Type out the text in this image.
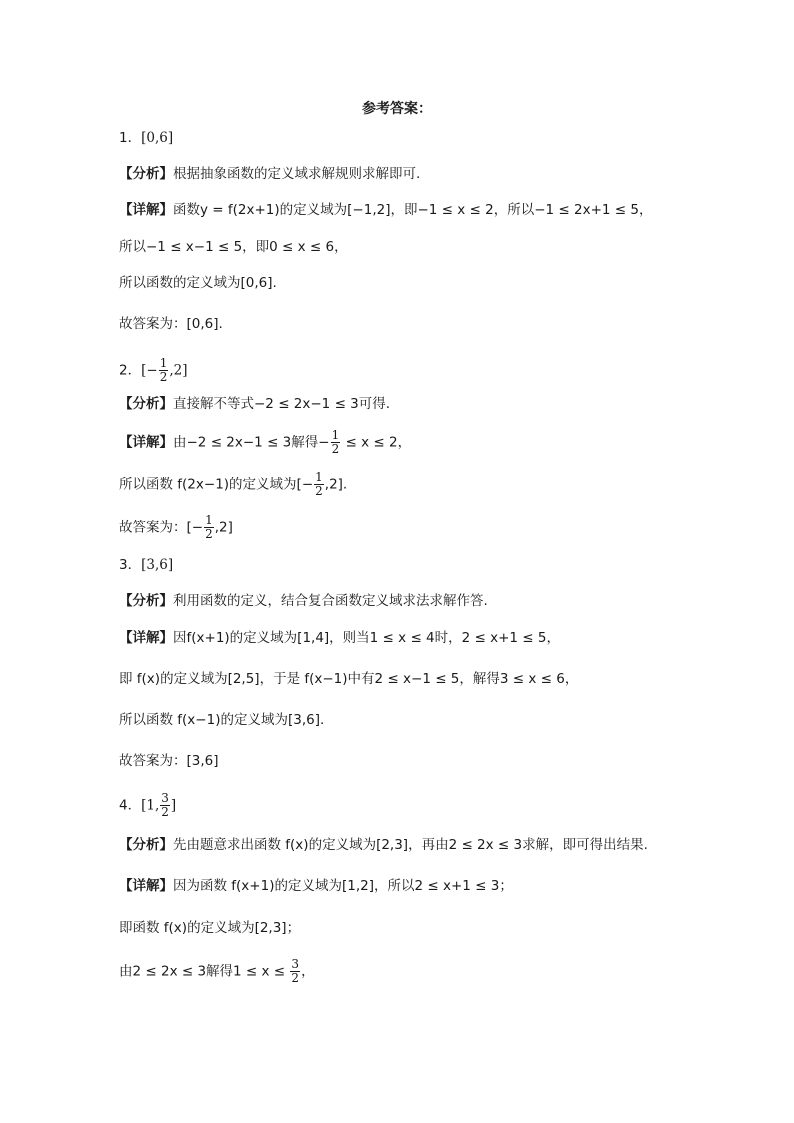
参考答案：
1．[0,6]
【分析】根据抽象函数的定义域求解规则求解即可.
【详解】函数y = f(2x+1)的定义域为[−1,2]，即−1 ≤ x ≤ 2，所以−1 ≤ 2x+1 ≤ 5，
所以−1 ≤ x−1 ≤ 5，即0 ≤ x ≤ 6，
所以函数的定义域为[0,6].
故答案为：[0,6].
2．[− $\frac{1}{2} ,2$]
【分析】直接解不等式−2 ≤ 2x−1 ≤ 3可得.
【详解】由−2 ≤ 2x−1 ≤ 3解得− $\frac{1}{2} \le x \le 2$，
所以函数 f(2x−1)的定义域为[− $\frac{1}{2} ,2$].
故答案为：[− $\frac{1}{2} ,2$]
3．[3,6]
【分析】利用函数的定义，结合复合函数定义域求法求解作答.
【详解】因f(x+1)的定义域为[1,4]，则当1 ≤ x ≤ 4时，2 ≤ x+1 ≤ 5，
即 f(x)的定义域为[2,5]，于是 f(x−1)中有2 ≤ x−1 ≤ 5，解得3 ≤ x ≤ 6，
所以函数 f(x−1)的定义域为[3,6].
故答案为：[3,6]
4．[1, $\frac{3}{2}$ ]
【分析】先由题意求出函数 f(x)的定义域为[2,3]，再由2 ≤ 2x ≤ 3求解，即可得出结果.
【详解】因为函数 f(x+1)的定义域为[1,2]，所以2 ≤ x+1 ≤ 3；
即函数 f(x)的定义域为[2,3]；
由2 ≤ 2x ≤ 3解得$1 \le x \le \frac{3}{2}$ ，
